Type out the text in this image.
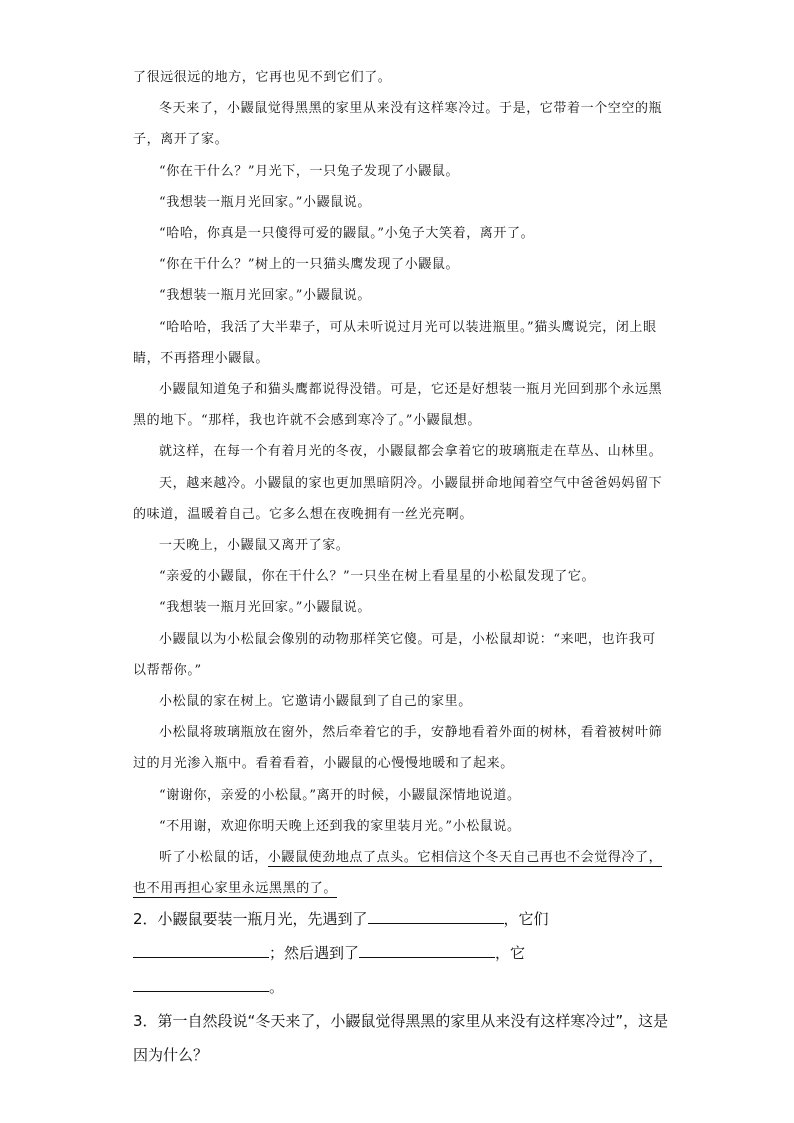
了很远很远的地方，它再也见不到它们了。

冬天来了，小鼹鼠觉得黑黑的家里从来没有这样寒冷过。于是，它带着一个空空的瓶子，离开了家。

“你在干什么？”月光下，一只兔子发现了小鼹鼠。

“我想装一瓶月光回家。”小鼹鼠说。

“哈哈，你真是一只傻得可爱的鼹鼠。”小兔子大笑着，离开了。

“你在干什么？”树上的一只猫头鹰发现了小鼹鼠。

“我想装一瓶月光回家。”小鼹鼠说。

“哈哈哈，我活了大半辈子，可从未听说过月光可以装进瓶里。”猫头鹰说完，闭上眼睛，不再搭理小鼹鼠。

小鼹鼠知道兔子和猫头鹰都说得没错。可是，它还是好想装一瓶月光回到那个永远黑黑的地下。“那样，我也许就不会感到寒冷了。”小鼹鼠想。

就这样，在每一个有着月光的冬夜，小鼹鼠都会拿着它的玻璃瓶走在草丛、山林里。

天，越来越冷。小鼹鼠的家也更加黑暗阴冷。小鼹鼠拼命地闻着空气中爸爸妈妈留下的味道，温暖着自己。它多么想在夜晚拥有一丝光亮啊。

一天晚上，小鼹鼠又离开了家。

“亲爱的小鼹鼠，你在干什么？”一只坐在树上看星星的小松鼠发现了它。

“我想装一瓶月光回家。”小鼹鼠说。

小鼹鼠以为小松鼠会像别的动物那样笑它傻。可是，小松鼠却说：“来吧，也许我可以帮帮你。”

小松鼠的家在树上。它邀请小鼹鼠到了自己的家里。

小松鼠将玻璃瓶放在窗外，然后牵着它的手，安静地看着外面的树林，看着被树叶筛过的月光渗入瓶中。看着看着，小鼹鼠的心慢慢地暖和了起来。

“谢谢你，亲爱的小松鼠。”离开的时候，小鼹鼠深情地说道。

“不用谢，欢迎你明天晚上还到我的家里装月光。”小松鼠说。

听了小松鼠的话，小鼹鼠使劲地点了点头。它相信这个冬天自己再也不会觉得冷了，也不用再担心家里永远黑黑的了。

2．小鼹鼠要装一瓶月光，先遇到了	，它们

；然后遇到了	，它

。

3．第一自然段说“冬天来了，小鼹鼠觉得黑黑的家里从来没有这样寒冷过”，这是因为什么？
